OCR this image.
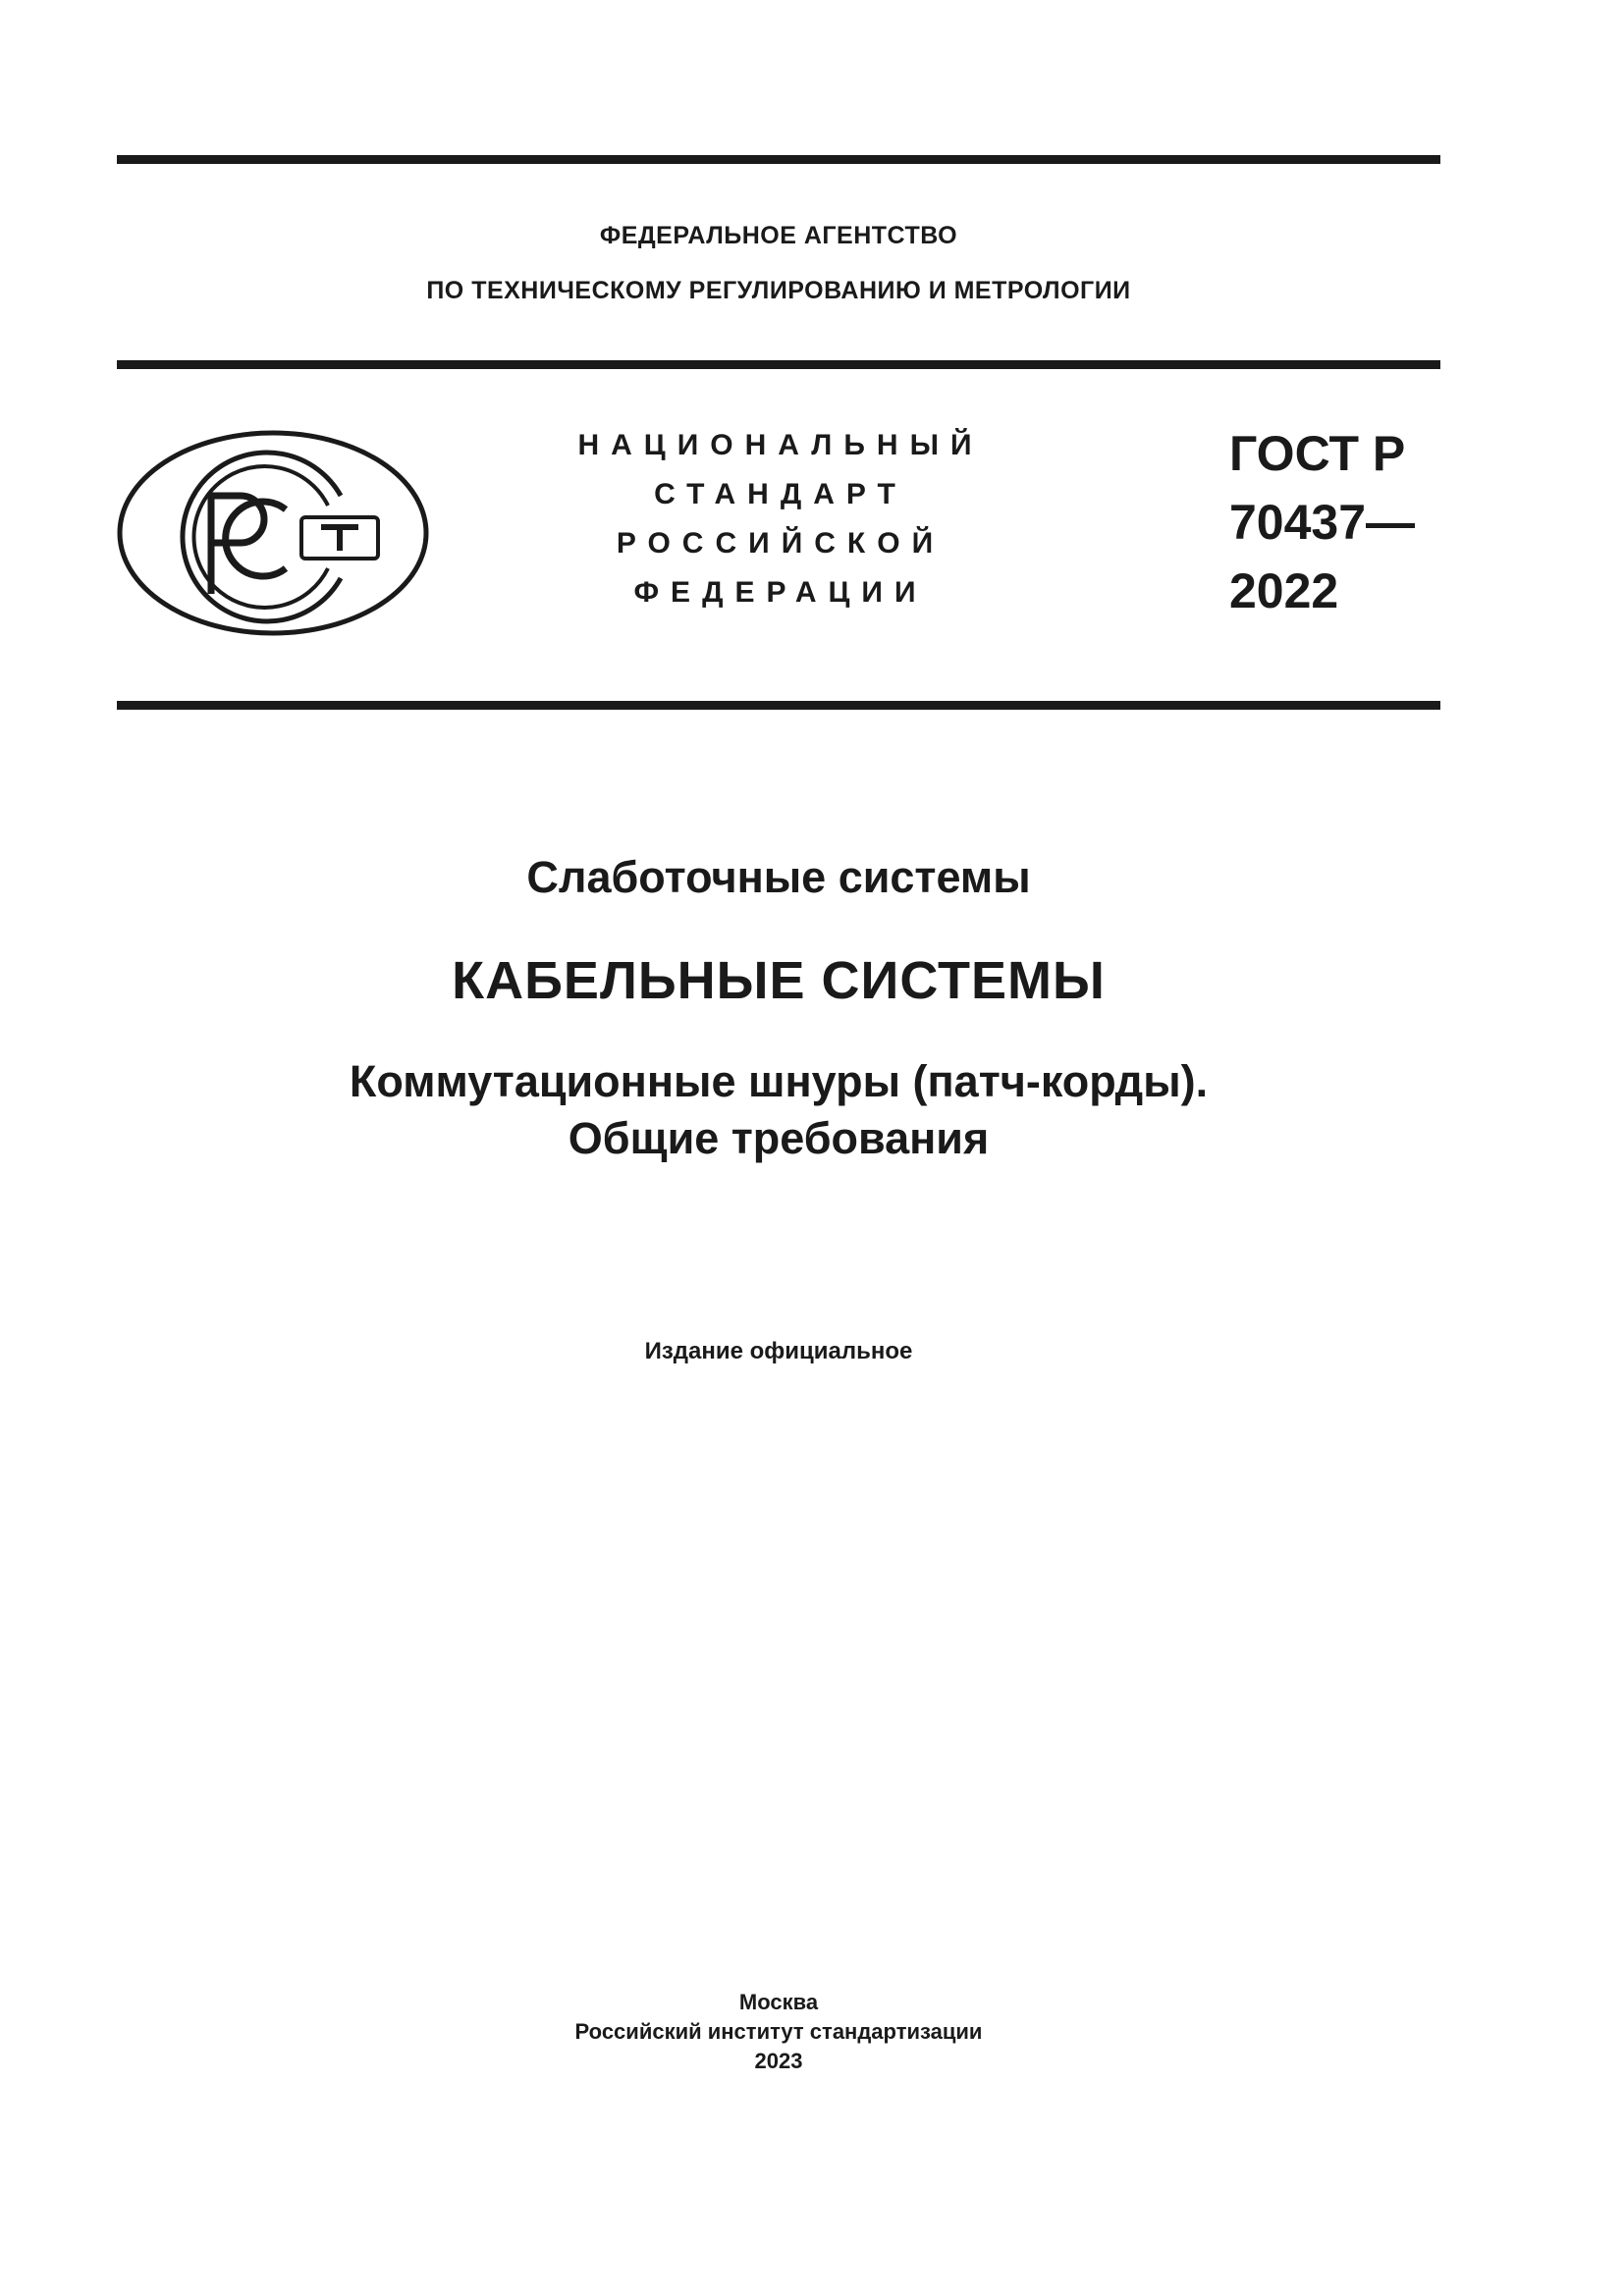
ФЕДЕРАЛЬНОЕ АГЕНТСТВО
ПО ТЕХНИЧЕСКОМУ РЕГУЛИРОВАНИЮ И МЕТРОЛОГИИ
НАЦИОНАЛЬНЫЙ
СТАНДАРТ
РОССИЙСКОЙ
ФЕДЕРАЦИИ
ГОСТ Р
70437—
2022
Слаботочные системы
КАБЕЛЬНЫЕ СИСТЕМЫ
Коммутационные шнуры (патч-корды).
Общие требования
Издание официальное
Москва
Российский институт стандартизации
2023
